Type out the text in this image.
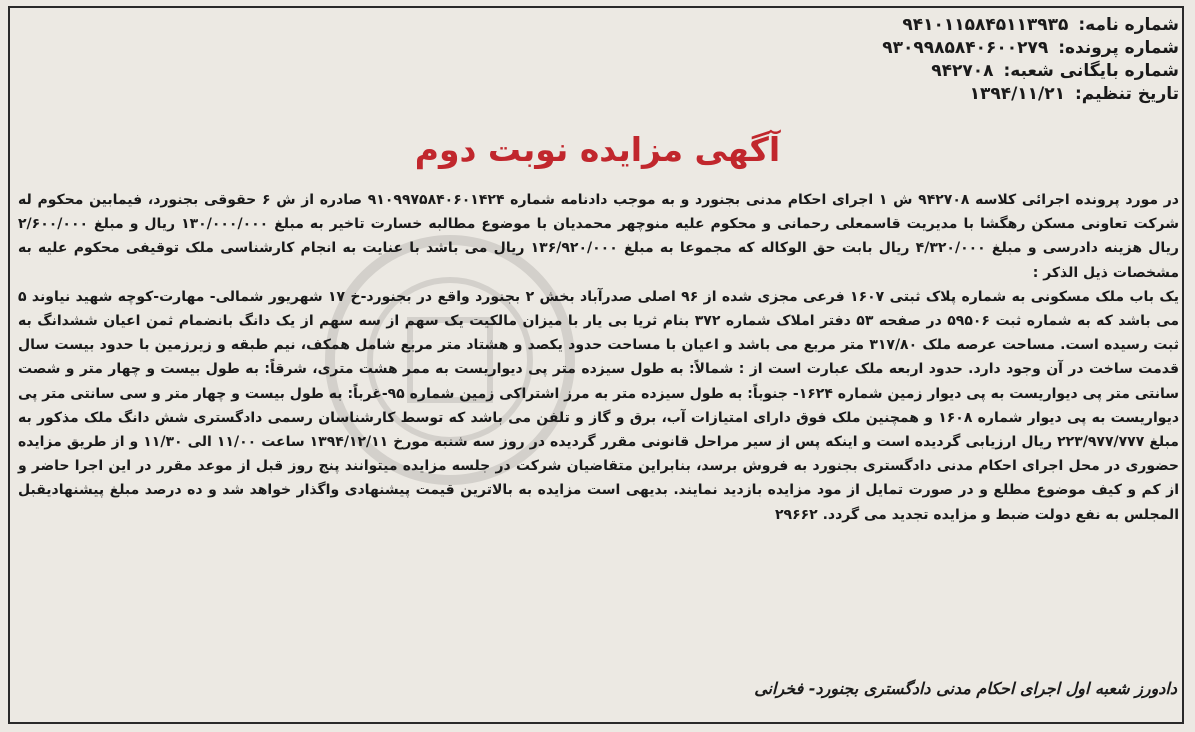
شماره نامه: ۹۴۱۰۱۱۵۸۴۵۱۱۳۹۳۵
شماره پرونده: ۹۳۰۹۹۸۵۸۴۰۶۰۰۲۷۹
شماره بایگانی شعبه: ۹۴۲۷۰۸
تاریخ تنظیم: ۱۳۹۴/۱۱/۲۱
آگهی مزایده نوبت دوم

در مورد پرونده اجرائی کلاسه ۹۴۲۷۰۸ ش ۱ اجرای احکام مدنی بجنورد و به موجب دادنامه شماره ۹۱۰۹۹۷۵۸۴۰۶۰۱۴۲۴ صادره از ش ۶ حقوقی بجنورد، فیمابین محکوم له شرکت تعاونی مسکن رهگشا با مدیریت قاسمعلی رحمانی و محکوم علیه منوچهر محمدیان با موضوع مطالبه خسارت تاخیر به مبلغ ۱۳۰/۰۰۰/۰۰۰ ریال و مبلغ ۲/۶۰۰/۰۰۰ ریال هزینه دادرسی و مبلغ ۴/۳۲۰/۰۰۰ ریال بابت حق الوکاله که مجموعا به مبلغ ۱۳۶/۹۲۰/۰۰۰ ریال می باشد با عنایت به انجام کارشناسی ملک توقیفی محکوم علیه به مشخصات ذیل الذکر :

یک باب ملک مسکونی به شماره پلاک ثبتی ۱۶۰۷ فرعی مجزی شده از ۹۶ اصلی صدرآباد بخش ۲ بجنورد واقع در بجنورد-خ ۱۷ شهریور شمالی- مهارت-کوچه شهید نیاوند ۵ می باشد که به شماره ثبت ۵۹۵۰۶ در صفحه ۵۳ دفتر املاک شماره ۳۷۲ بنام ثریا بی یار با میزان مالکیت یک سهم از سه سهم از یک دانگ بانضمام ثمن اعیان ششدانگ به ثبت رسیده است. مساحت عرصه ملک ۳۱۷/۸۰ متر مربع می باشد و اعیان با مساحت حدود یکصد و هشتاد متر مربع شامل همکف، نیم طبقه و زیرزمین با حدود بیست سال قدمت ساخت در آن وجود دارد. حدود اربعه ملک عبارت است از : شمالاً: به طول سیزده متر پی دیواریست به ممر هشت متری، شرقاً: به طول بیست و چهار متر و شصت سانتی متر پی دیواریست به پی دیوار زمین شماره ۱۶۲۴- جنوباً: به طول سیزده متر به مرز اشتراکی زمین شماره ۹۵-غرباً: به طول بیست و چهار متر و سی سانتی متر پی دیواریست به پی دیوار شماره ۱۶۰۸ و همچنین ملک فوق دارای امتیازات آب، برق و گاز و تلفن می باشد که توسط کارشناسان رسمی دادگستری شش دانگ ملک مذکور به مبلغ ۲۲۳/۹۷۷/۷۷۷ ریال ارزیابی گردیده است و اینکه پس از سیر مراحل قانونی مقرر گردیده در روز سه شنبه مورخ ۱۳۹۴/۱۲/۱۱ ساعت ۱۱/۰۰ الی ۱۱/۳۰ و از طریق مزایده حضوری در محل اجرای احکام مدنی دادگستری بجنورد به فروش برسد، بنابراین متقاضیان شرکت در جلسه مزایده میتوانند پنج روز قبل از موعد مقرر در این اجرا حاضر و از کم و کیف موضوع مطلع و در صورت تمایل از مود مزایده بازدید نمایند. بدیهی است مزایده به بالاترین قیمت پیشنهادی واگذار خواهد شد و ده درصد مبلغ پیشنهادیقبل المجلس به نفع دولت ضبط و مزایده تجدید می گردد. ۲۹۶۶۲

دادورز شعبه اول اجرای احکام مدنی دادگستری بجنورد- فخرانی
